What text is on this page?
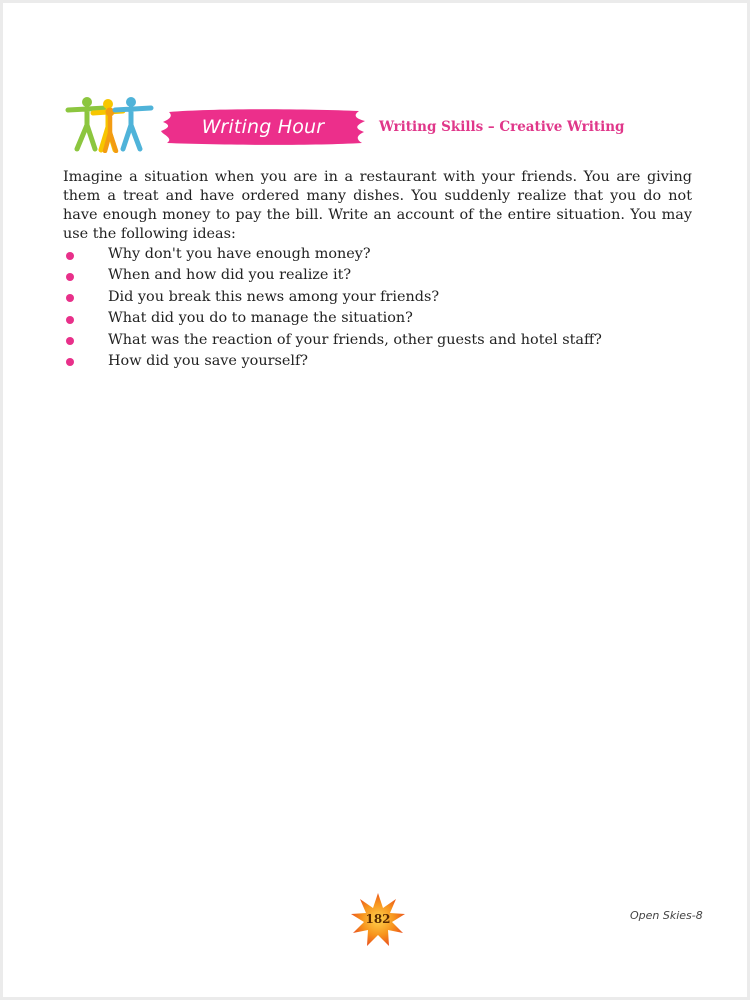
Writing Hour	Writing Skills – Creative Writing

Imagine a situation when you are in a restaurant with your friends. You are giving them a treat and have ordered many dishes. You suddenly realize that you do not have enough money to pay the bill. Write an account of the entire situation. You may use the following ideas:

Why don't you have enough money?
When and how did you realize it?
Did you break this news among your friends?
What did you do to manage the situation?
What was the reaction of your friends, other guests and hotel staff?
How did you save yourself?
182	Open Skies-8
